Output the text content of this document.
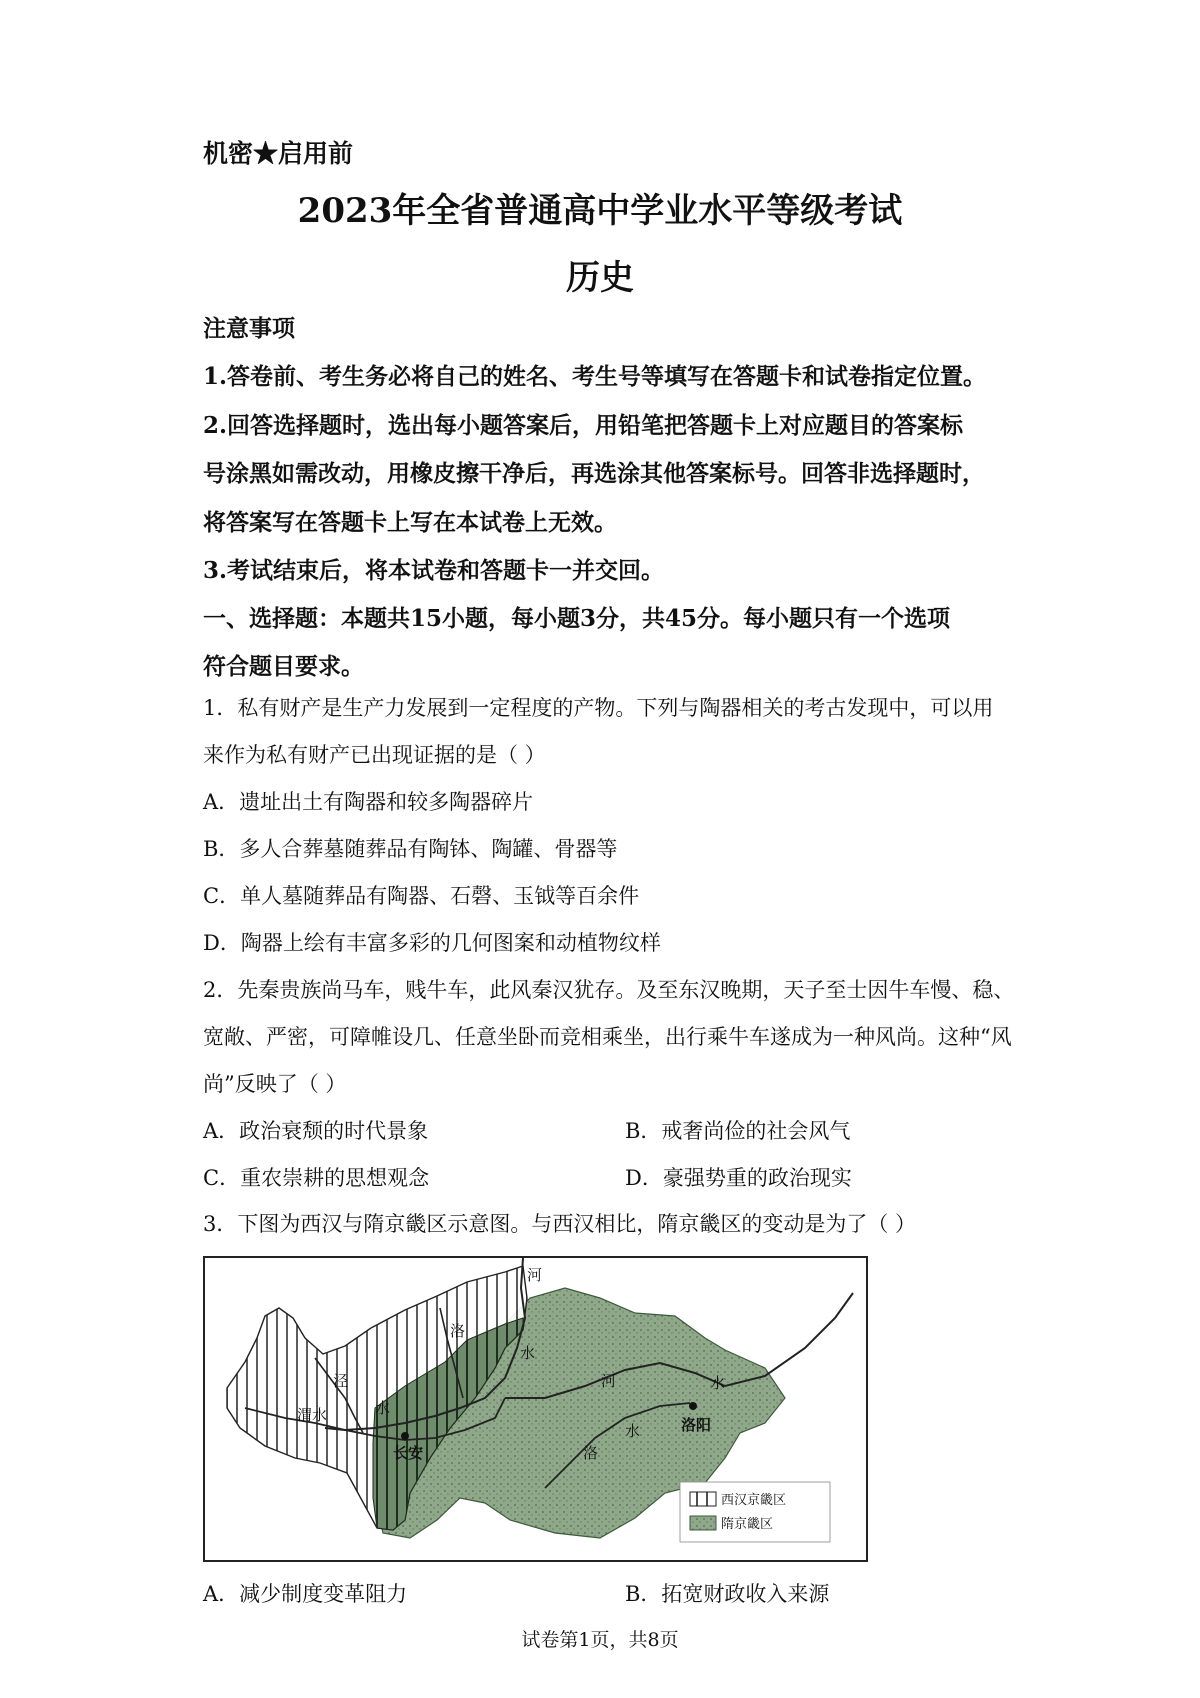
机密★启用前
2023年全省普通高中学业水平等级考试
历史
注意事项
1.答卷前、考生务必将自己的姓名、考生号等填写在答题卡和试卷指定位置。
2.回答选择题时，选出每小题答案后，用铅笔把答题卡上对应题目的答案标
号涂黑如需改动，用橡皮擦干净后，再选涂其他答案标号。回答非选择题时，
将答案写在答题卡上写在本试卷上无效。
3.考试结束后，将本试卷和答题卡一并交回。
一、选择题：本题共15小题，每小题3分，共45分。每小题只有一个选项
符合题目要求。
1．私有财产是生产力发展到一定程度的产物。下列与陶器相关的考古发现中，可以用
来作为私有财产已出现证据的是（ ）
A．遗址出土有陶器和较多陶器碎片
B．多人合葬墓随葬品有陶钵、陶罐、骨器等
C．单人墓随葬品有陶器、石磬、玉钺等百余件
D．陶器上绘有丰富多彩的几何图案和动植物纹样
2．先秦贵族尚马车，贱牛车，此风秦汉犹存。及至东汉晚期，天子至士因牛车慢、稳、
宽敞、严密，可障帷设几、任意坐卧而竞相乘坐，出行乘牛车遂成为一种风尚。这种“风
尚”反映了（ ）
A．政治衰颓的时代景象	B．戒奢尚俭的社会风气
C．重农崇耕的思想观念	D．豪强势重的政治现实
3．下图为西汉与隋京畿区示意图。与西汉相比，隋京畿区的变动是为了（ ）
河
洛
水
泾
渭水	水
长安
河	水
洛
水	洛阳
西汉京畿区
隋京畿区
A．减少制度变革阻力	B．拓宽财政收入来源
试卷第1页，共8页
